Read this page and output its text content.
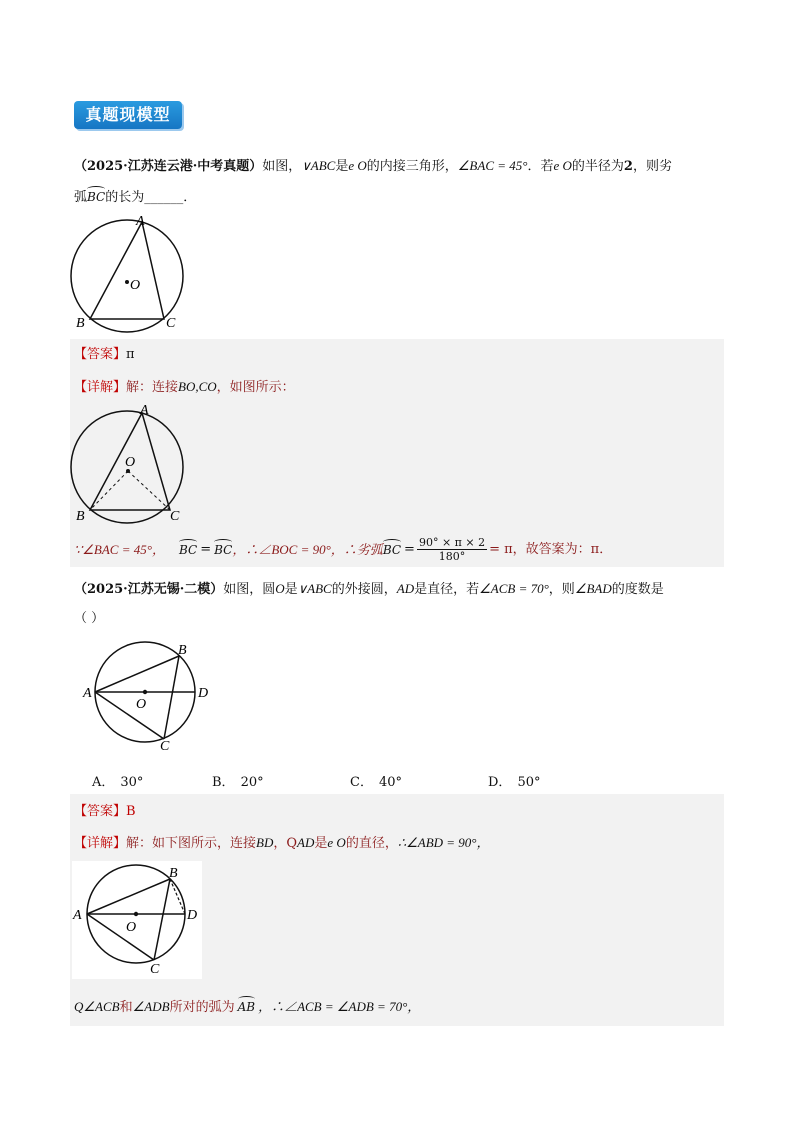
真题现模型
（2025·江苏连云港·中考真题）如图，∨ABC是e O的内接三角形，∠BAC = 45°．若e O的半径为2，则劣
弧BC的长为______．
A
B	C
O
【答案】π
【详解】解：连接BO,CO，如图所示：
A
B	C
O
∵∠BAC = 45°， BC = BC ，∴∠BOC = 90°，∴劣弧 BC = $\frac{90^\circ \times \pi \times 2}{180^\circ} = \pi$，故答案为：π．
（2025·江苏无锡·二模）如图，圆O是∨ABC的外接圆，AD是直径，若∠ACB = 70°，则∠BAD的度数是
（ ）
A
B
C
D
O
A． 30°	B． 20°	C． 40°	D． 50°
【答案】B
【详解】解：如下图所示，连接BD，QAD是e O的直径，∴∠ABD = 90°，
A
B
C
D
O
Q∠ACB和∠ADB所对的弧为 AB ，∴∠ACB = ∠ADB = 70°，
